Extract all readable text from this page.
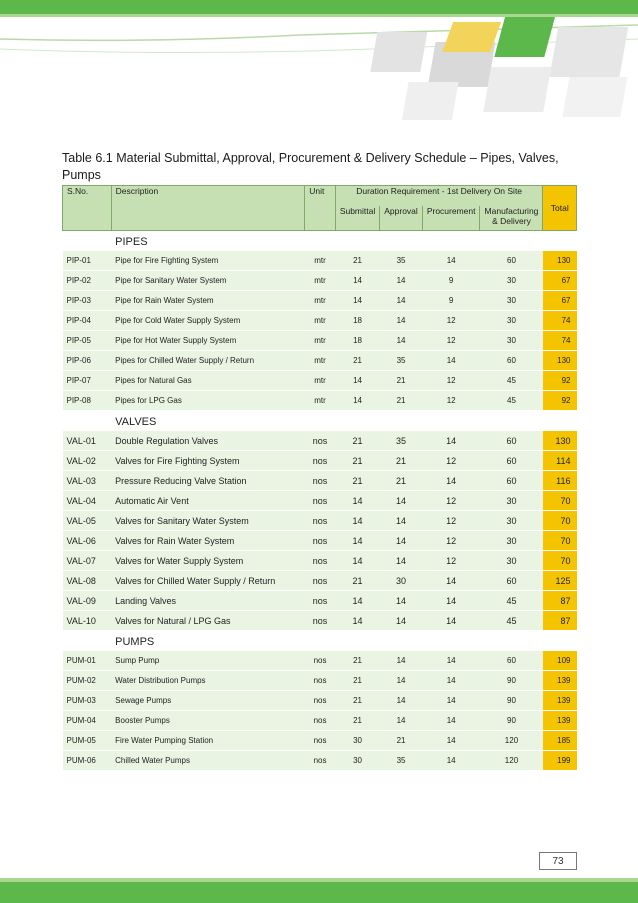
Table 6.1 Material Submittal, Approval, Procurement & Delivery Schedule – Pipes, Valves, Pumps
S.No.	Description	Unit	Duration Requirement - 1st Delivery On Site				Total
			Submittal	Approval	Procurement	Manufacturing & Delivery	
	PIPES						
PIP-01	Pipe for Fire Fighting System	mtr	21	35	14	60	130
PIP-02	Pipe for Sanitary Water System	mtr	14	14	9	30	67
PIP-03	Pipe for Rain Water System	mtr	14	14	9	30	67
PIP-04	Pipe for Cold Water Supply System	mtr	18	14	12	30	74
PIP-05	Pipe for Hot Water Supply System	mtr	18	14	12	30	74
PIP-06	Pipes for Chilled Water Supply / Return	mtr	21	35	14	60	130
PIP-07	Pipes for Natural Gas	mtr	14	21	12	45	92
PIP-08	Pipes for LPG Gas	mtr	14	21	12	45	92
	VALVES						
VAL-01	Double Regulation Valves	nos	21	35	14	60	130
VAL-02	Valves for Fire Fighting System	nos	21	21	12	60	114
VAL-03	Pressure Reducing Valve Station	nos	21	21	14	60	116
VAL-04	Automatic Air Vent	nos	14	14	12	30	70
VAL-05	Valves for Sanitary Water System	nos	14	14	12	30	70
VAL-06	Valves for Rain Water System	nos	14	14	12	30	70
VAL-07	Valves for Water Supply System	nos	14	14	12	30	70
VAL-08	Valves for Chilled Water Supply / Return	nos	21	30	14	60	125
VAL-09	Landing Valves	nos	14	14	14	45	87
VAL-10	Valves for Natural / LPG Gas	nos	14	14	14	45	87
	PUMPS						
PUM-01	Sump Pump	nos	21	14	14	60	109
PUM-02	Water Distribution Pumps	nos	21	14	14	90	139
PUM-03	Sewage Pumps	nos	21	14	14	90	139
PUM-04	Booster Pumps	nos	21	14	14	90	139
PUM-05	Fire Water Pumping Station	nos	30	21	14	120	185
PUM-06	Chilled Water Pumps	nos	30	35	14	120	199
73
